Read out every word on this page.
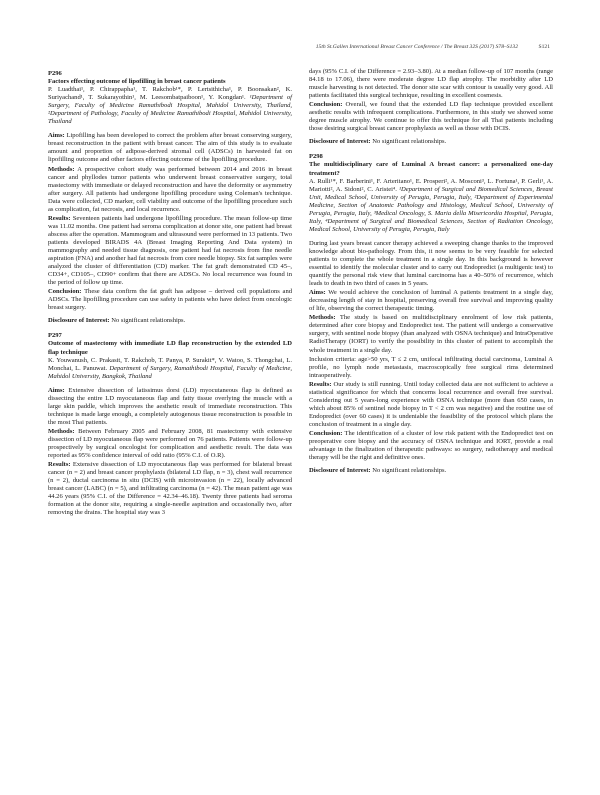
15th St.Gallen International Breast Cancer Conference / The Breast 32S (2017) S78–S132	S121

P296

Factors effecting outcome of lipofilling in breast cancer patients

P. Luadthai¹, P. Chirappapha¹, T. Rakchob¹*, P. Lertsithicha¹, P. Boonsakan², K. Suriyachand¹, T. Sukarayothin¹, M. Leesombatpaiboon¹, Y. Kongdan¹. ¹Department of Surgery, Faculty of Medicine Ramathibodi Hospital, Mahidol University, Thailand, ²Department of Pathology, Faculty of Medicine Ramathibodi Hospital, Mahidol University, Thailand

Aims: Lipofilling has been developed to correct the problem after breast conserving surgery, breast reconstruction in the patient with breast cancer. The aim of this study is to evaluate amount and proportion of adipose-derived stromal cell (ADSCs) in harvested fat on lipofilling outcome and other factors effecting outcome of the lipofilling procedure.

Methods: A prospective cohort study was performed between 2014 and 2016 in breast cancer and phyllodes tumor patients who underwent breast conservative surgery, total mastectomy with immediate or delayed reconstruction and have the deformity or asymmetry after surgery. All patients had undergone lipofilling procedure using Coleman's technique. Data were collected, CD marker, cell viability and outcome of the lipofilling procedure such as complication, fat necrosis, and local recurrence.

Results: Seventeen patients had undergone lipofilling procedure. The mean follow-up time was 11.02 months. One patient had seroma complication at donor site, one patient had breast abscess after the operation. Mammogram and ultrasound were performed in 13 patients. Two patients developed BIRADS 4A (Breast Imaging Reporting And Data system) in mammography and needed tissue diagnosis, one patient had fat necrosis from fine needle aspiration (FNA) and another had fat necrosis from core needle biopsy. Six fat samples were analyzed the cluster of differentiation (CD) marker. The fat graft demonstrated CD 45–, CD34+, CD105–, CD90+ confirm that there are ADSCs. No local recurrence was found in the period of follow up time.

Conclusion: These data confirm the fat graft has adipose – derived cell populations and ADSCs. The lipofilling procedure can use safety in patients who have defect from oncologic breast surgery.

Disclosure of Interest: No significant relationships.

P297

Outcome of mastectomy with immediate LD flap reconstruction by the extended LD flap technique

K. Youwanush, C. Prakasit, T. Rakchob, T. Panya, P. Surakit*, V. Watoo, S. Thongchai, L. Monchai, L. Panuwat. Department of Surgery, Ramathibodi Hospital, Faculty of Medicine, Mahidol University, Bangkok, Thailand

Aims: Extensive dissection of latissimus dorsi (LD) myocutaneous flap is defined as dissecting the entire LD myocutaneous flap and fatty tissue overlying the muscle with a large skin paddle, which improves the aesthetic result of immediate reconstruction. This technique is made large enough, a completely autogenous tissue reconstruction is possible in the most Thai patients.

Methods: Between February 2005 and February 2008, 81 mastectomy with extensive dissection of LD myocutaneous flap were performed on 76 patients. Patients were follow-up prospectively by surgical oncologist for complication and aesthetic result. The data was reported as 95% confidence interval of odd ratio (95% C.I. of O.R).

Results: Extensive dissection of LD myocutaneous flap was performed for bilateral breast cancer (n = 2) and breast cancer prophylaxis (bilateral LD flap, n = 3), chest wall recurrence (n = 2), ductal carcinoma in situ (DCIS) with microinvasion (n = 22), locally advanced breast cancer (LABC) (n = 5), and infiltrating carcinoma (n = 42). The mean patient age was 44.26 years (95% C.I. of the Difference = 42.34–46.18). Twenty three patients had seroma formation at the donor site, requiring a single-needle aspiration and occasionally two, after removing the drains. The hospital stay was 3

days (95% C.I. of the Difference = 2.93–3.80). At a median follow-up of 107 months (range 84.18 to 17.06), there were moderate degree LD flap atrophy. The morbidity after LD muscle harvesting is not detected. The donor site scar with contour is usually very good. All patients facilitated this surgical technique, resulting in excellent cosmesis.

Conclusion: Overall, we found that the extended LD flap technique provided excellent aesthetic results with infrequent complications. Furthermore, in this study we showed some degree muscle atrophy. We continue to offer this technique for all Thai patients including those desiring surgical breast cancer prophylaxis as well as those with DCIS.

Disclosure of Interest: No significant relationships.

P298

The multidisciplinary care of Luminal A breast cancer: a personalized one-day treatment?

A. Rulli¹*, F. Barberini¹, F. Arteritano¹, E. Prosperi², A. Mosconi³, L. Fortuna¹, P. Gerli¹, A. Mariotti², A. Sidoni², C. Aristei⁴. ¹Department of Surgical and Biomedical Sciences, Breast Unit, Medical School, University of Perugia, Perugia, Italy, ²Department of Experimental Medicine, Section of Anatomic Pathology and Histology, Medical School, University of Perugia, Perugia, Italy, ³Medical Oncology, S. Maria della Misericordia Hospital, Perugia, Italy, ⁴Department of Surgical and Biomedical Sciences, Section of Radiation Oncology, Medical School, University of Perugia, Perugia, Italy

During last years breast cancer therapy achieved a sweeping change thanks to the improved knowledge about bio-pathology. From this, it now seems to be very feasible for selected patients to complete the whole treatment in a single day. In this background is however essential to identify the molecular cluster and to carry out Endopredict (a multigenic test) to quantify the personal risk view that luminal carcinoma has a 40–50% of recurrence, which leads to death in two third of cases in 5 years.

Aims: We would achieve the conclusion of luminal A patients treatment in a single day, decreasing length of stay in hospital, preserving overall free survival and improving quality of life, observing the correct therapeutic timing.

Methods: The study is based on multidisciplinary enrolment of low risk patients, determined after core biopsy and Endopredict test. The patient will undergo a conservative surgery, with sentinel node biopsy (than analyzed with OSNA technique) and IntraOperative RadioTherapy (IORT) to verify the possibility in this cluster of patient to accomplish the whole treatment in a single day.

Inclusion criteria: age>50 yrs, T ≤ 2 cm, unifocal infiltrating ductal carcinoma, Luminal A profile, no lymph node metastasis, macroscopically free surgical rims determined intraoperatively.

Results: Our study is still running. Until today collected data are not sufficient to achieve a statistical significance for which that concerns local recurrence and overall free survival. Considering out 5 years-long experience with OSNA technique (more than 650 cases, in which about 85% of sentinel node biopsy in T < 2 cm was negative) and the routine use of Endopredict (over 60 cases) it is undeniable the feasibility of the protocol which plans the conclusion of treatment in a single day.

Conclusion: The identification of a cluster of low risk patient with the Endopredict test on preoperative core biopsy and the accuracy of OSNA technique and IORT, provide a real advantage in the finalization of therapeutic pathways: so surgery, radiotherapy and medical therapy will be the right and definitive ones.

Disclosure of Interest: No significant relationships.
